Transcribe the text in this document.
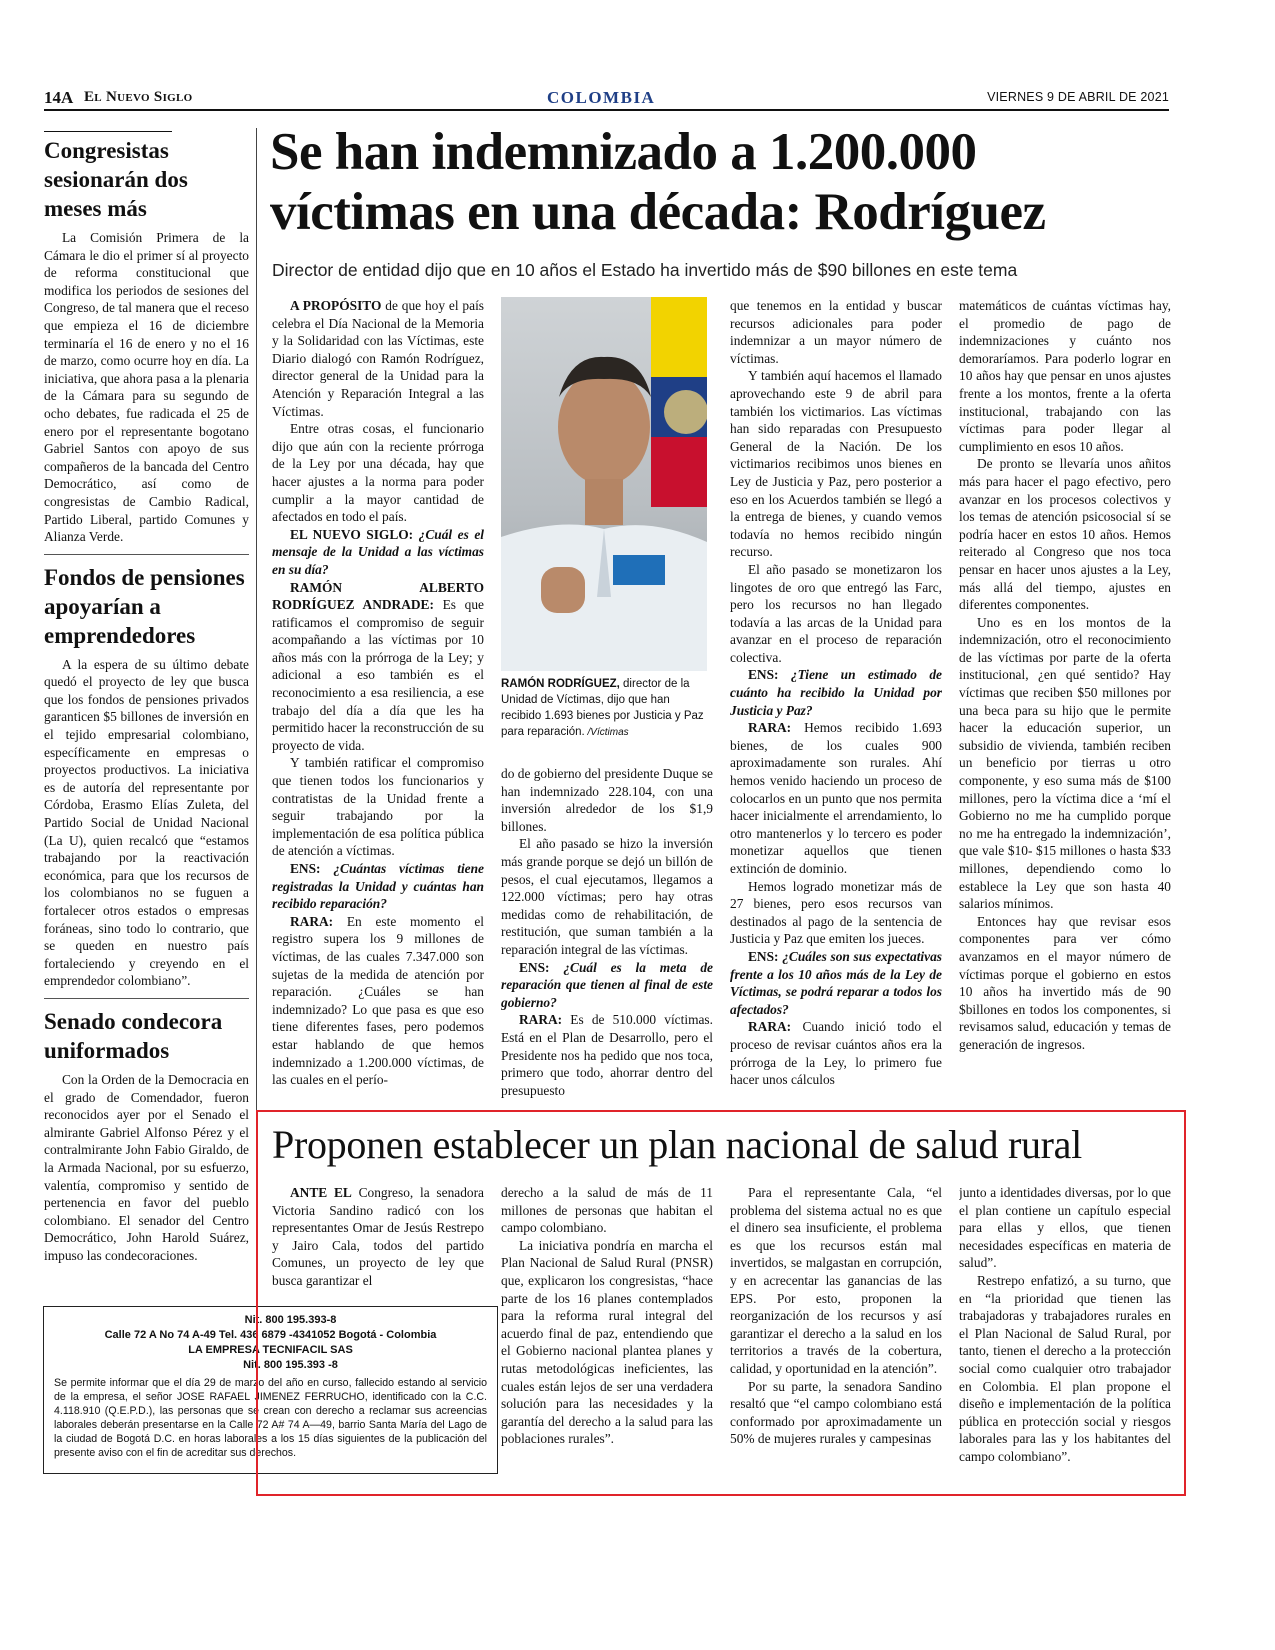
14A El Nuevo Siglo	COLOMBIA	VIERNES 9 DE ABRIL DE 2021
Congresistas sesionarán dos meses más

La Comisión Primera de la Cámara le dio el primer sí al proyecto de reforma constitucional que modifica los periodos de sesiones del Congreso, de tal manera que el receso que empieza el 16 de diciembre terminaría el 16 de enero y no el 16 de marzo, como ocurre hoy en día. La iniciativa, que ahora pasa a la plenaria de la Cámara para su segundo de ocho debates, fue radicada el 25 de enero por el representante bogotano Gabriel Santos con apoyo de sus compañeros de la bancada del Centro Democrático, así como de congresistas de Cambio Radical, Partido Liberal, partido Comunes y Alianza Verde.

Fondos de pensiones apoyarían a emprendedores

A la espera de su último debate quedó el proyecto de ley que busca que los fondos de pensiones privados garanticen $5 billones de inversión en el tejido empresarial colombiano, específicamente en empresas o proyectos productivos. La iniciativa es de autoría del representante por Córdoba, Erasmo Elías Zuleta, del Partido Social de Unidad Nacional (La U), quien recalcó que “estamos trabajando por la reactivación económica, para que los recursos de los colombianos no se fuguen a fortalecer otros estados o empresas foráneas, sino todo lo contrario, que se queden en nuestro país fortaleciendo y creyendo en el emprendedor colombiano”.

Senado condecora uniformados

Con la Orden de la Democracia en el grado de Comendador, fueron reconocidos ayer por el Senado el almirante Gabriel Alfonso Pérez y el contralmirante John Fabio Giraldo, de la Armada Nacional, por su esfuerzo, valentía, compromiso y sentido de pertenencia en favor del pueblo colombiano. El senador del Centro Democrático, John Harold Suárez, impuso las condecoraciones.

Nit. 800 195.393-8
Calle 72 A No 74 A-49 Tel. 436 6879 -4341052 Bogotá - Colombia
LA EMPRESA TECNIFACIL SAS
Nit. 800 195.393 -8
Se permite informar que el día 29 de marzo del año en curso, fallecido estando al servicio de la empresa, el señor JOSE RAFAEL JIMENEZ FERRUCHO, identificado con la C.C. 4.118.910 (Q.E.P.D.), las personas que se crean con derecho a reclamar sus acreencias laborales deberán presentarse en la Calle 72 A# 74 A—49, barrio Santa María del Lago de la ciudad de Bogotá D.C. en horas laborales a los 15 días siguientes de la publicación del presente aviso con el fin de acreditar sus derechos.
Se han indemnizado a 1.200.000
víctimas en una década: Rodríguez
Director de entidad dijo que en 10 años el Estado ha invertido más de $90 billones en este tema
RAMÓN RODRÍGUEZ, director de la Unidad de Víctimas, dijo que han recibido 1.693 bienes por Justicia y Paz para reparación. /Víctimas

A PROPÓSITO de que hoy el país celebra el Día Nacional de la Memoria y la Solidaridad con las Víctimas, este Diario dialogó con Ramón Rodríguez, director general de la Unidad para la Atención y Reparación Integral a las Víctimas.

Entre otras cosas, el funcionario dijo que aún con la reciente prórroga de la Ley por una década, hay que hacer ajustes a la norma para poder cumplir a la mayor cantidad de afectados en todo el país.

EL NUEVO SIGLO: ¿Cuál es el mensaje de la Unidad a las víctimas en su día?

RAMÓN ALBERTO RODRÍGUEZ ANDRADE: Es que ratificamos el compromiso de seguir acompañando a las víctimas por 10 años más con la prórroga de la Ley; y adicional a eso también es el reconocimiento a esa resiliencia, a ese trabajo del día a día que les ha permitido hacer la reconstrucción de su proyecto de vida.

Y también ratificar el compromiso que tienen todos los funcionarios y contratistas de la Unidad frente a seguir trabajando por la implementación de esa política pública de atención a víctimas.

ENS: ¿Cuántas víctimas tiene registradas la Unidad y cuántas han recibido reparación?

RARA: En este momento el registro supera los 9 millones de víctimas, de las cuales 7.347.000 son sujetas de la medida de atención por reparación. ¿Cuáles se han indemnizado? Lo que pasa es que eso tiene diferentes fases, pero podemos estar hablando de que hemos indemnizado a 1.200.000 víctimas, de las cuales en el perío-

do de gobierno del presidente Duque se han indemnizado 228.104, con una inversión alrededor de los $1,9 billones.

El año pasado se hizo la inversión más grande porque se dejó un billón de pesos, el cual ejecutamos, llegamos a 122.000 víctimas; pero hay otras medidas como de rehabilitación, de restitución, que suman también a la reparación integral de las víctimas.

ENS: ¿Cuál es la meta de reparación que tienen al final de este gobierno?

RARA: Es de 510.000 víctimas. Está en el Plan de Desarrollo, pero el Presidente nos ha pedido que nos toca, primero que todo, ahorrar dentro del presupuesto

que tenemos en la entidad y buscar recursos adicionales para poder indemnizar a un mayor número de víctimas.

Y también aquí hacemos el llamado aprovechando este 9 de abril para también los victimarios. Las víctimas han sido reparadas con Presupuesto General de la Nación. De los victimarios recibimos unos bienes en Ley de Justicia y Paz, pero posterior a eso en los Acuerdos también se llegó a la entrega de bienes, y cuando vemos todavía no hemos recibido ningún recurso.

El año pasado se monetizaron los lingotes de oro que entregó las Farc, pero los recursos no han llegado todavía a las arcas de la Unidad para avanzar en el proceso de reparación colectiva.

ENS: ¿Tiene un estimado de cuánto ha recibido la Unidad por Justicia y Paz?

RARA: Hemos recibido 1.693 bienes, de los cuales 900 aproximadamente son rurales. Ahí hemos venido haciendo un proceso de colocarlos en un punto que nos permita hacer inicialmente el arrendamiento, lo otro mantenerlos y lo tercero es poder monetizar aquellos que tienen extinción de dominio.

Hemos logrado monetizar más de 27 bienes, pero esos recursos van destinados al pago de la sentencia de Justicia y Paz que emiten los jueces.

ENS: ¿Cuáles son sus expectativas frente a los 10 años más de la Ley de Víctimas, se podrá reparar a todos los afectados?

RARA: Cuando inició todo el proceso de revisar cuántos años era la prórroga de la Ley, lo primero fue hacer unos cálculos

matemáticos de cuántas víctimas hay, el promedio de pago de indemnizaciones y cuánto nos demoraríamos. Para poderlo lograr en 10 años hay que pensar en unos ajustes frente a los montos, frente a la oferta institucional, trabajando con las víctimas para poder llegar al cumplimiento en esos 10 años.

De pronto se llevaría unos añitos más para hacer el pago efectivo, pero avanzar en los procesos colectivos y los temas de atención psicosocial sí se podría hacer en estos 10 años. Hemos reiterado al Congreso que nos toca pensar en hacer unos ajustes a la Ley, más allá del tiempo, ajustes en diferentes componentes.

Uno es en los montos de la indemnización, otro el reconocimiento de las víctimas por parte de la oferta institucional, ¿en qué sentido? Hay víctimas que reciben $50 millones por una beca para su hijo que le permite hacer la educación superior, un subsidio de vivienda, también reciben un beneficio por tierras u otro componente, y eso suma más de $100 millones, pero la víctima dice a ‘mí el Gobierno no me ha cumplido porque no me ha entregado la indemnización’, que vale $10- $15 millones o hasta $33 millones, dependiendo como lo establece la Ley que son hasta 40 salarios mínimos.

Entonces hay que revisar esos componentes para ver cómo avanzamos en el mayor número de víctimas porque el gobierno en estos 10 años ha invertido más de 90 $billones en todos los componentes, si revisamos salud, educación y temas de generación de ingresos.

Proponen establecer un plan nacional de salud rural

ANTE EL Congreso, la senadora Victoria Sandino radicó con los representantes Omar de Jesús Restrepo y Jairo Cala, todos del partido Comunes, un proyecto de ley que busca garantizar el

derecho a la salud de más de 11 millones de personas que habitan el campo colombiano.

La iniciativa pondría en marcha el Plan Nacional de Salud Rural (PNSR) que, explicaron los congresistas, “hace parte de los 16 planes contemplados para la reforma rural integral del acuerdo final de paz, entendiendo que el Gobierno nacional plantea planes y rutas metodológicas ineficientes, las cuales están lejos de ser una verdadera solución para las necesidades y la garantía del derecho a la salud para las poblaciones rurales”.

Para el representante Cala, “el problema del sistema actual no es que el dinero sea insuficiente, el problema es que los recursos están mal invertidos, se malgastan en corrupción, y en acrecentar las ganancias de las EPS. Por esto, proponen la reorganización de los recursos y así garantizar el derecho a la salud en los territorios a través de la cobertura, calidad, y oportunidad en la atención”.

Por su parte, la senadora Sandino resaltó que “el campo colombiano está conformado por aproximadamente un 50% de mujeres rurales y campesinas

junto a identidades diversas, por lo que el plan contiene un capítulo especial para ellas y ellos, que tienen necesidades específicas en materia de salud”.

Restrepo enfatizó, a su turno, que en “la prioridad que tienen las trabajadoras y trabajadores rurales en el Plan Nacional de Salud Rural, por tanto, tienen el derecho a la protección social como cualquier otro trabajador en Colombia. El plan propone el diseño e implementación de la política pública en protección social y riesgos laborales para las y los habitantes del campo colombiano”.
